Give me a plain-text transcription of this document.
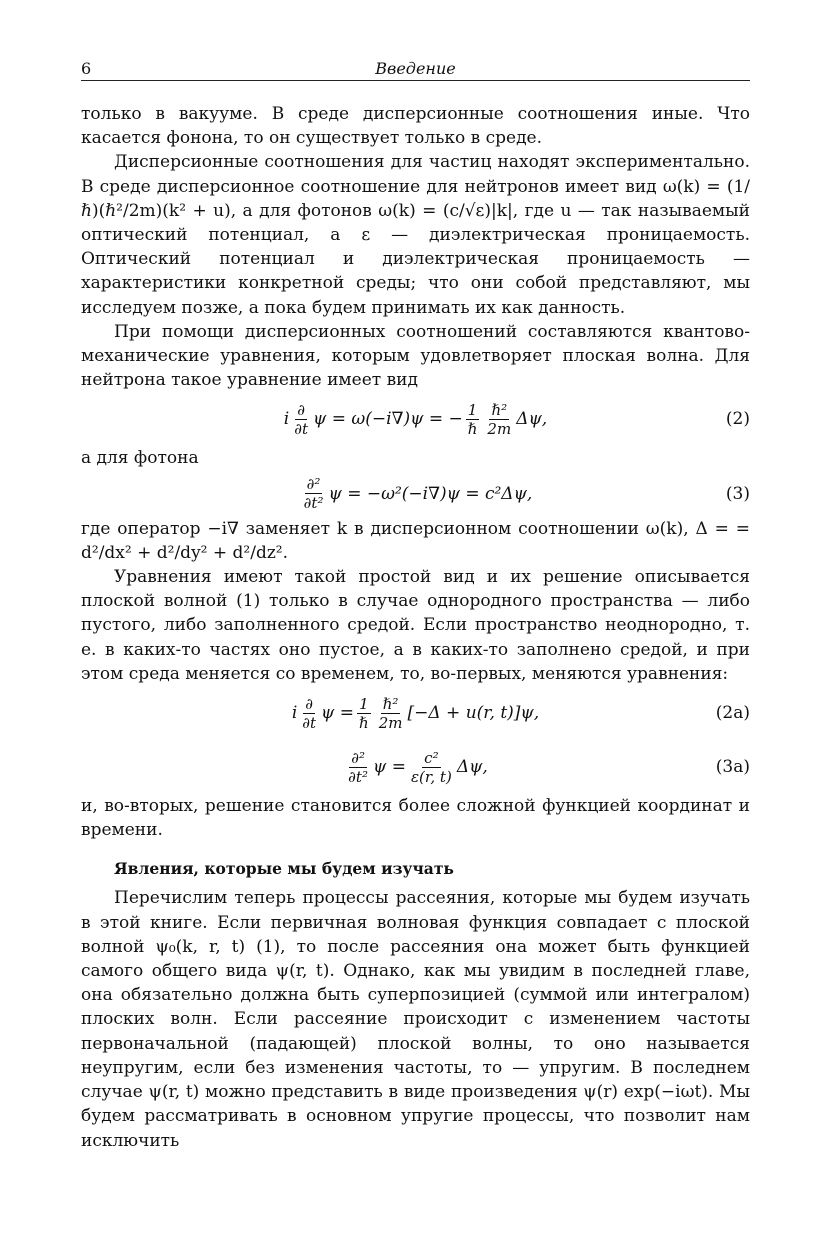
6	Введение

только в вакууме. В среде дисперсионные соотношения иные. Что касается фонона, то он существует только в среде.

Дисперсионные соотношения для частиц находят экспериментально. В среде дисперсионное соотношение для нейтронов имеет вид ω(k) = (1/ℏ)(ℏ²/2m)(k² + u), а для фотонов ω(k) = (c/√ε)|k|, где u — так называемый оптический потенциал, а ε — диэлектрическая проницаемость. Оптический потенциал и диэлектрическая проницаемость — характеристики конкретной среды; что они собой представляют, мы исследуем позже, а пока будем принимать их как данность.

При помощи дисперсионных соотношений составляются квантово-механические уравнения, которым удовлетворяет плоская волна. Для нейтрона такое уравнение имеет вид

i $\frac{\partial}{\partial t}$ ψ = ω(−i∇)ψ = − $\frac{1}{\text{ℏ}} \frac{\text{ℏ²}}{2m} \Delta\psi$,	(2)

а для фотона

$\frac{\text{∂²}}{\text{∂t²}}$ ψ = −ω²(−i∇)ψ = c²Δψ,	(3)

где оператор −i∇ заменяет k в дисперсионном соотношении ω(k), Δ = = d²/dx² + d²/dy² + d²/dz².

Уравнения имеют такой простой вид и их решение описывается плоской волной (1) только в случае однородного пространства — либо пустого, либо заполненного средой. Если пространство неоднородно, т. е. в каких-то частях оно пустое, а в каких-то заполнено средой, и при этом среда меняется со временем, то, во-первых, меняются уравнения:

i $\frac{\partial}{\partial t}$ $\psi = \frac{1}{\text{ℏ}} \frac{\text{ℏ²}}{2m} [-\Delta + u(r$, t)]ψ,	(2a)
$\frac{\text{∂²}}{\text{∂t²}}$ $\psi = \frac{\text{c²}}{\varepsilon(r, t)} \Delta\psi$,	(3a)

и, во-вторых, решение становится более сложной функцией координат и времени.

Явления, которые мы будем изучать

Перечислим теперь процессы рассеяния, которые мы будем изучать в этой книге. Если первичная волновая функция совпадает с плоской волной ψ₀(k, r, t) (1), то после рассеяния она может быть функцией самого общего вида ψ(r, t). Однако, как мы увидим в последней главе, она обязательно должна быть суперпозицией (суммой или интегралом) плоских волн. Если рассеяние происходит с изменением частоты первоначальной (падающей) плоской волны, то оно называется неупругим, если без изменения частоты, то — упругим. В последнем случае ψ(r, t) можно представить в виде произведения ψ(r) exp(−iωt). Мы будем рассматривать в основном упругие процессы, что позволит нам исключить
